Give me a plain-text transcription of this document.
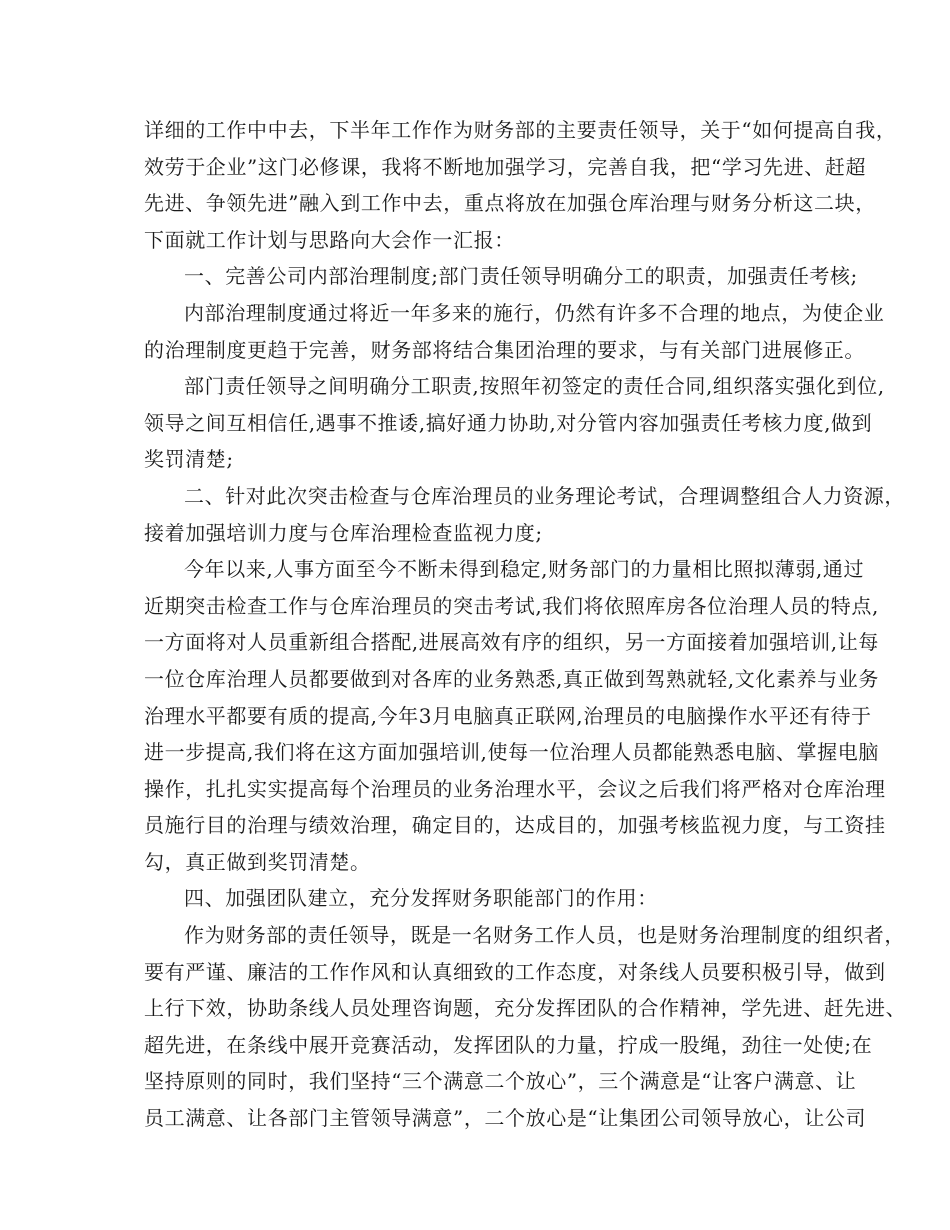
详细的工作中中去，下半年工作作为财务部的主要责任领导，关于“如何提高自我，
效劳于企业”这门必修课，我将不断地加强学习，完善自我，把“学习先进、赶超
先进、争领先进”融入到工作中去，重点将放在加强仓库治理与财务分析这二块，
下面就工作计划与思路向大会作一汇报：
一、完善公司内部治理制度;部门责任领导明确分工的职责，加强责任考核;
内部治理制度通过将近一年多来的施行，仍然有许多不合理的地点，为使企业
的治理制度更趋于完善，财务部将结合集团治理的要求，与有关部门进展修正。
部门责任领导之间明确分工职责,按照年初签定的责任合同,组织落实强化到位,
领导之间互相信任,遇事不推诿,搞好通力协助,对分管内容加强责任考核力度,做到
奖罚清楚;
二、针对此次突击检查与仓库治理员的业务理论考试，合理调整组合人力资源，
接着加强培训力度与仓库治理检查监视力度;
今年以来,人事方面至今不断未得到稳定,财务部门的力量相比照拟薄弱,通过
近期突击检查工作与仓库治理员的突击考试,我们将依照库房各位治理人员的特点,
一方面将对人员重新组合搭配,进展高效有序的组织，另一方面接着加强培训,让每
一位仓库治理人员都要做到对各库的业务熟悉,真正做到驾熟就轻,文化素养与业务
治理水平都要有质的提高,今年3月电脑真正联网,治理员的电脑操作水平还有待于
进一步提高,我们将在这方面加强培训,使每一位治理人员都能熟悉电脑、掌握电脑
操作，扎扎实实提高每个治理员的业务治理水平，会议之后我们将严格对仓库治理
员施行目的治理与绩效治理，确定目的，达成目的，加强考核监视力度，与工资挂
勾，真正做到奖罚清楚。
四、加强团队建立，充分发挥财务职能部门的作用：
作为财务部的责任领导，既是一名财务工作人员，也是财务治理制度的组织者，
要有严谨、廉洁的工作作风和认真细致的工作态度，对条线人员要积极引导，做到
上行下效，协助条线人员处理咨询题，充分发挥团队的合作精神，学先进、赶先进、
超先进，在条线中展开竞赛活动，发挥团队的力量，拧成一股绳，劲往一处使;在
坚持原则的同时，我们坚持“三个满意二个放心”，三个满意是“让客户满意、让
员工满意、让各部门主管领导满意”，二个放心是“让集团公司领导放心，让公司
